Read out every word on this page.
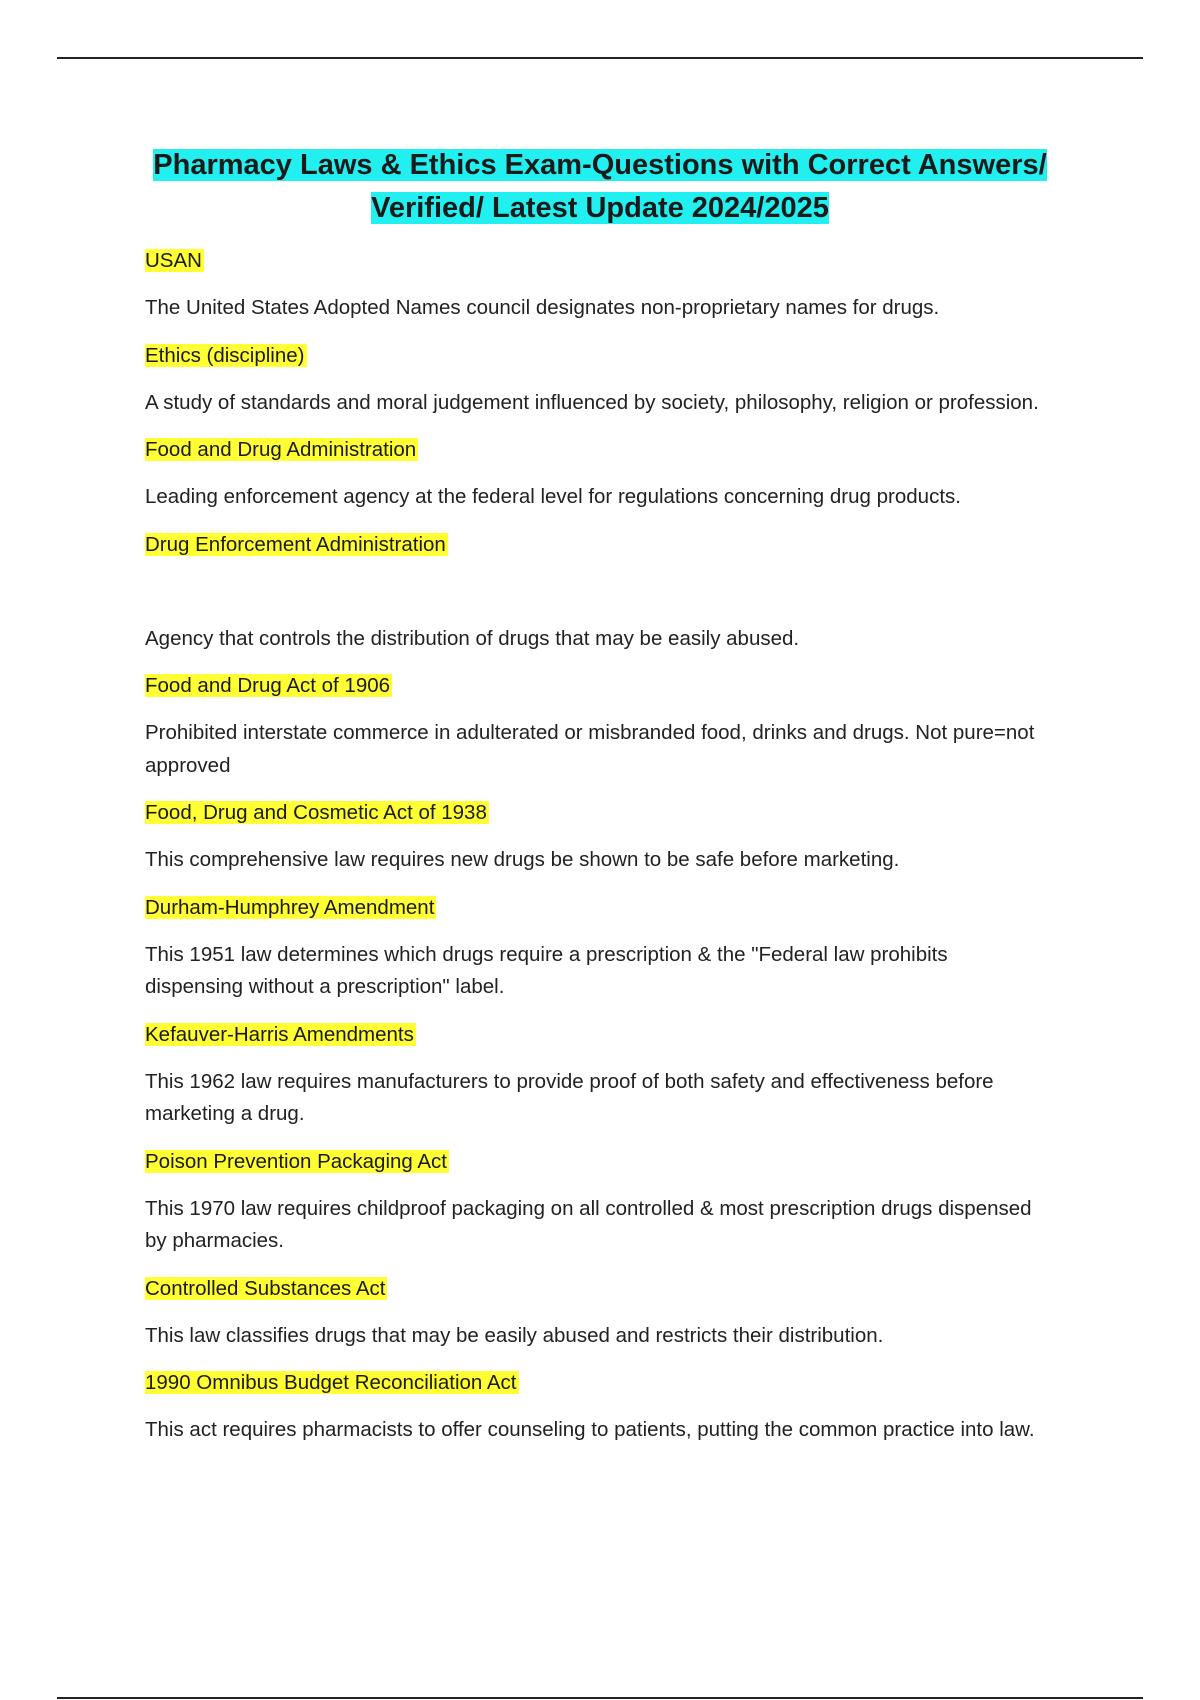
Pharmacy Laws & Ethics Exam-Questions with Correct Answers/ Verified/ Latest Update 2024/2025

USAN

The United States Adopted Names council designates non-proprietary names for drugs.

Ethics (discipline)

A study of standards and moral judgement influenced by society, philosophy, religion or profession.

Food and Drug Administration

Leading enforcement agency at the federal level for regulations concerning drug products.

Drug Enforcement Administration

Agency that controls the distribution of drugs that may be easily abused.

Food and Drug Act of 1906

Prohibited interstate commerce in adulterated or misbranded food, drinks and drugs. Not pure=not approved

Food, Drug and Cosmetic Act of 1938

This comprehensive law requires new drugs be shown to be safe before marketing.

Durham-Humphrey Amendment

This 1951 law determines which drugs require a prescription & the "Federal law prohibits dispensing without a prescription" label.

Kefauver-Harris Amendments

This 1962 law requires manufacturers to provide proof of both safety and effectiveness before marketing a drug.

Poison Prevention Packaging Act

This 1970 law requires childproof packaging on all controlled & most prescription drugs dispensed by pharmacies.

Controlled Substances Act

This law classifies drugs that may be easily abused and restricts their distribution.

1990 Omnibus Budget Reconciliation Act

This act requires pharmacists to offer counseling to patients, putting the common practice into law.
